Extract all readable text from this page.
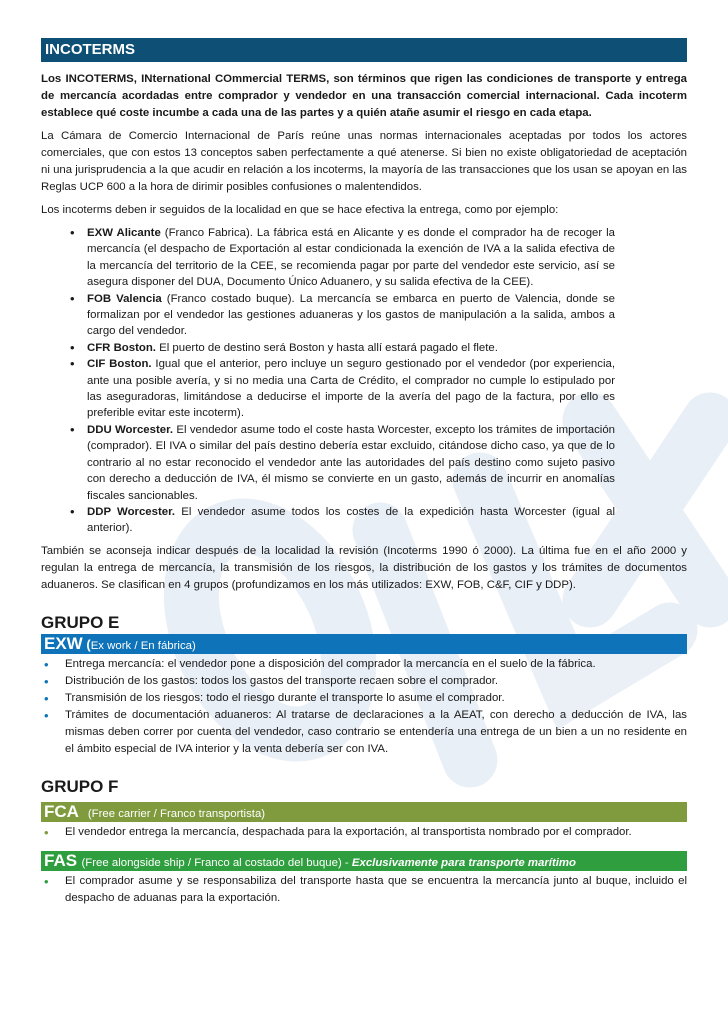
INCOTERMS

Los INCOTERMS, INternational COmmercial TERMS, son términos que rigen las condiciones de transporte y entrega de mercancía acordadas entre comprador y vendedor en una transacción comercial internacional. Cada incoterm establece qué coste incumbe a cada una de las partes y a quién atañe asumir el riesgo en cada etapa.

La Cámara de Comercio Internacional de París reúne unas normas internacionales aceptadas por todos los actores comerciales, que con estos 13 conceptos saben perfectamente a qué atenerse. Si bien no existe obligatoriedad de aceptación ni una jurisprudencia a la que acudir en relación a los incoterms, la mayoría de las transacciones que los usan se apoyan en las Reglas UCP 600 a la hora de dirimir posibles confusiones o malentendidos.

Los incoterms deben ir seguidos de la localidad en que se hace efectiva la entrega, como por ejemplo:

• EXW Alicante (Franco Fabrica). La fábrica está en Alicante y es donde el comprador ha de recoger la mercancía (el despacho de Exportación al estar condicionada la exención de IVA a la salida efectiva de la mercancía del territorio de la CEE, se recomienda pagar por parte del vendedor este servicio, así se asegura disponer del DUA, Documento Único Aduanero, y su salida efectiva de la CEE).
• FOB Valencia (Franco costado buque). La mercancía se embarca en puerto de Valencia, donde se formalizan por el vendedor las gestiones aduaneras y los gastos de manipulación a la salida, ambos a cargo del vendedor.
• CFR Boston. El puerto de destino será Boston y hasta allí estará pagado el flete.
• CIF Boston. Igual que el anterior, pero incluye un seguro gestionado por el vendedor (por experiencia, ante una posible avería, y si no media una Carta de Crédito, el comprador no cumple lo estipulado por las aseguradoras, limitándose a deducirse el importe de la avería del pago de la factura, por ello es preferible evitar este incoterm).
• DDU Worcester. El vendedor asume todo el coste hasta Worcester, excepto los trámites de importación (comprador). El IVA o similar del país destino debería estar excluido, citándose dicho caso, ya que de lo contrario al no estar reconocido el vendedor ante las autoridades del país destino como sujeto pasivo con derecho a deducción de IVA, él mismo se convierte en un gasto, además de incurrir en anomalías fiscales sancionables.
• DDP Worcester. El vendedor asume todos los costes de la expedición hasta Worcester (igual al anterior).

También se aconseja indicar después de la localidad la revisión (Incoterms 1990 ó 2000). La última fue en el año 2000 y regulan la entrega de mercancía, la transmisión de los riesgos, la distribución de los gastos y los trámites de documentos aduaneros. Se clasifican en 4 grupos (profundizamos en los más utilizados: EXW, FOB, C&F, CIF y DDP).

GRUPO E
EXW (Ex work / En fábrica)
• Entrega mercancía: el vendedor pone a disposición del comprador la mercancía en el suelo de la fábrica.
• Distribución de los gastos: todos los gastos del transporte recaen sobre el comprador.
• Transmisión de los riesgos: todo el riesgo durante el transporte lo asume el comprador.
• Trámites de documentación aduaneros: Al tratarse de declaraciones a la AEAT, con derecho a deducción de IVA, las mismas deben correr por cuenta del vendedor, caso contrario se entendería una entrega de un bien a un no residente en el ámbito especial de IVA interior y la venta debería ser con IVA.
GRUPO F
FCA (Free carrier / Franco transportista)
• El vendedor entrega la mercancía, despachada para la exportación, al transportista nombrado por el comprador.
FAS (Free alongside ship / Franco al costado del buque) - Exclusivamente para transporte marítimo
• El comprador asume y se responsabiliza del transporte hasta que se encuentra la mercancía junto al buque, incluido el despacho de aduanas para la exportación.
